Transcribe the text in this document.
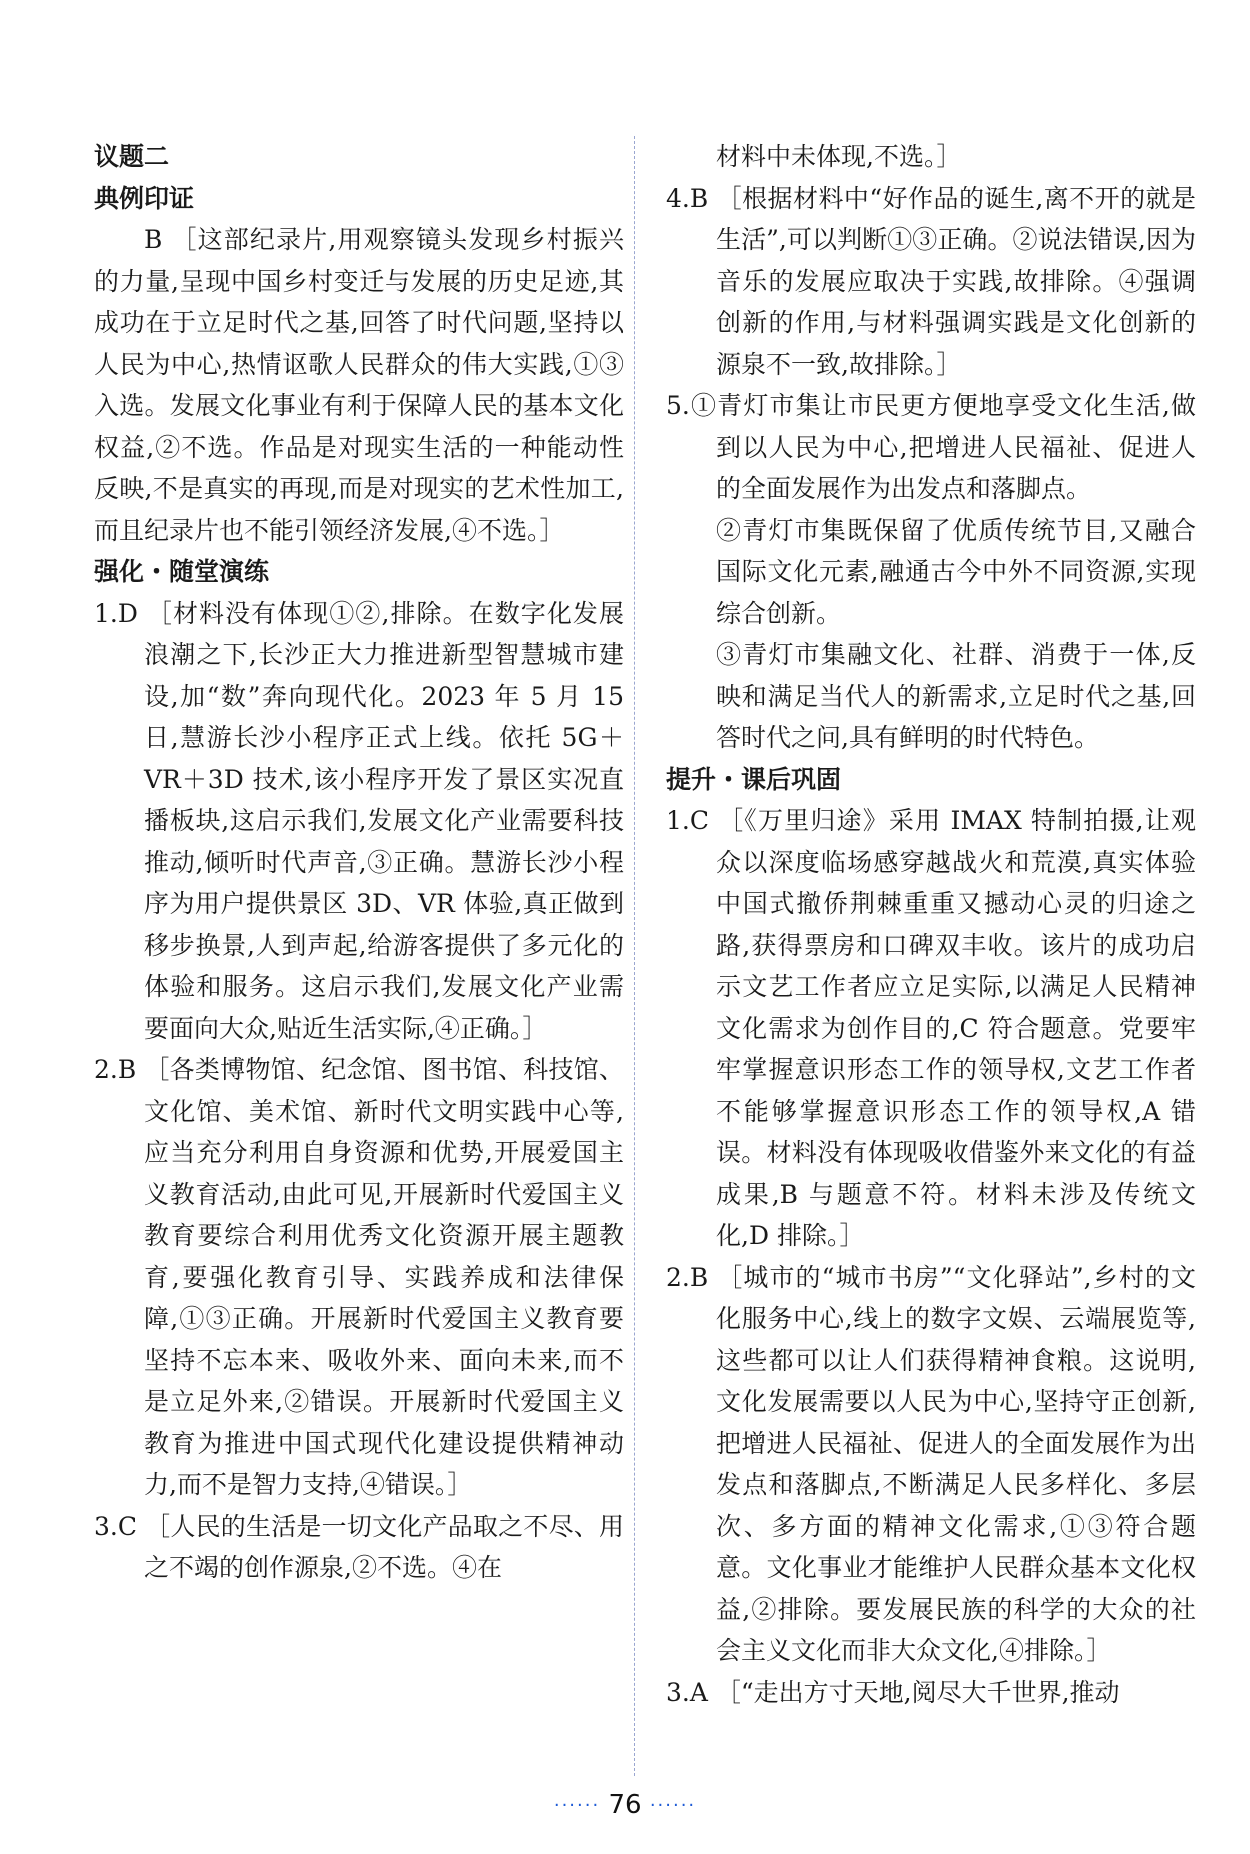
议题二
典例印证

B ［这部纪录片,用观察镜头发现乡村振兴的力量,呈现中国乡村变迁与发展的历史足迹,其成功在于立足时代之基,回答了时代问题,坚持以人民为中心,热情讴歌人民群众的伟大实践,①③入选。发展文化事业有利于保障人民的基本文化权益,②不选。作品是对现实生活的一种能动性反映,不是真实的再现,而是对现实的艺术性加工,而且纪录片也不能引领经济发展,④不选。］

强化・随堂演练

1.D ［材料没有体现①②,排除。在数字化发展浪潮之下,长沙正大力推进新型智慧城市建设,加“数”奔向现代化。2023 年 5 月 15 日,慧游长沙小程序正式上线。依托 5G＋VR＋3D 技术,该小程序开发了景区实况直播板块,这启示我们,发展文化产业需要科技推动,倾听时代声音,③正确。慧游长沙小程序为用户提供景区 3D、VR 体验,真正做到移步换景,人到声起,给游客提供了多元化的体验和服务。这启示我们,发展文化产业需要面向大众,贴近生活实际,④正确。］

2.B ［各类博物馆、纪念馆、图书馆、科技馆、文化馆、美术馆、新时代文明实践中心等,应当充分利用自身资源和优势,开展爱国主义教育活动,由此可见,开展新时代爱国主义教育要综合利用优秀文化资源开展主题教育,要强化教育引导、实践养成和法律保障,①③正确。开展新时代爱国主义教育要坚持不忘本来、吸收外来、面向未来,而不是立足外来,②错误。开展新时代爱国主义教育为推进中国式现代化建设提供精神动力,而不是智力支持,④错误。］

3.C ［人民的生活是一切文化产品取之不尽、用之不竭的创作源泉,②不选。④在

材料中未体现,不选。］

4.B ［根据材料中“好作品的诞生,离不开的就是生活”,可以判断①③正确。②说法错误,因为音乐的发展应取决于实践,故排除。④强调创新的作用,与材料强调实践是文化创新的源泉不一致,故排除。］

5.①青灯市集让市民更方便地享受文化生活,做到以人民为中心,把增进人民福祉、促进人的全面发展作为出发点和落脚点。

②青灯市集既保留了优质传统节目,又融合国际文化元素,融通古今中外不同资源,实现综合创新。

③青灯市集融文化、社群、消费于一体,反映和满足当代人的新需求,立足时代之基,回答时代之问,具有鲜明的时代特色。

提升・课后巩固

1.C ［《万里归途》采用 IMAX 特制拍摄,让观众以深度临场感穿越战火和荒漠,真实体验中国式撤侨荆棘重重又撼动心灵的归途之路,获得票房和口碑双丰收。该片的成功启示文艺工作者应立足实际,以满足人民精神文化需求为创作目的,C 符合题意。党要牢牢掌握意识形态工作的领导权,文艺工作者不能够掌握意识形态工作的领导权,A 错误。材料没有体现吸收借鉴外来文化的有益成果,B 与题意不符。材料未涉及传统文化,D 排除。］

2.B ［城市的“城市书房”“文化驿站”,乡村的文化服务中心,线上的数字文娱、云端展览等,这些都可以让人们获得精神食粮。这说明,文化发展需要以人民为中心,坚持守正创新,把增进人民福祉、促进人的全面发展作为出发点和落脚点,不断满足人民多样化、多层次、多方面的精神文化需求,①③符合题意。文化事业才能维护人民群众基本文化权益,②排除。要发展民族的科学的大众的社会主义文化而非大众文化,④排除。］

3.A ［“走出方寸天地,阅尽大千世界,推动

······ 76 ······
